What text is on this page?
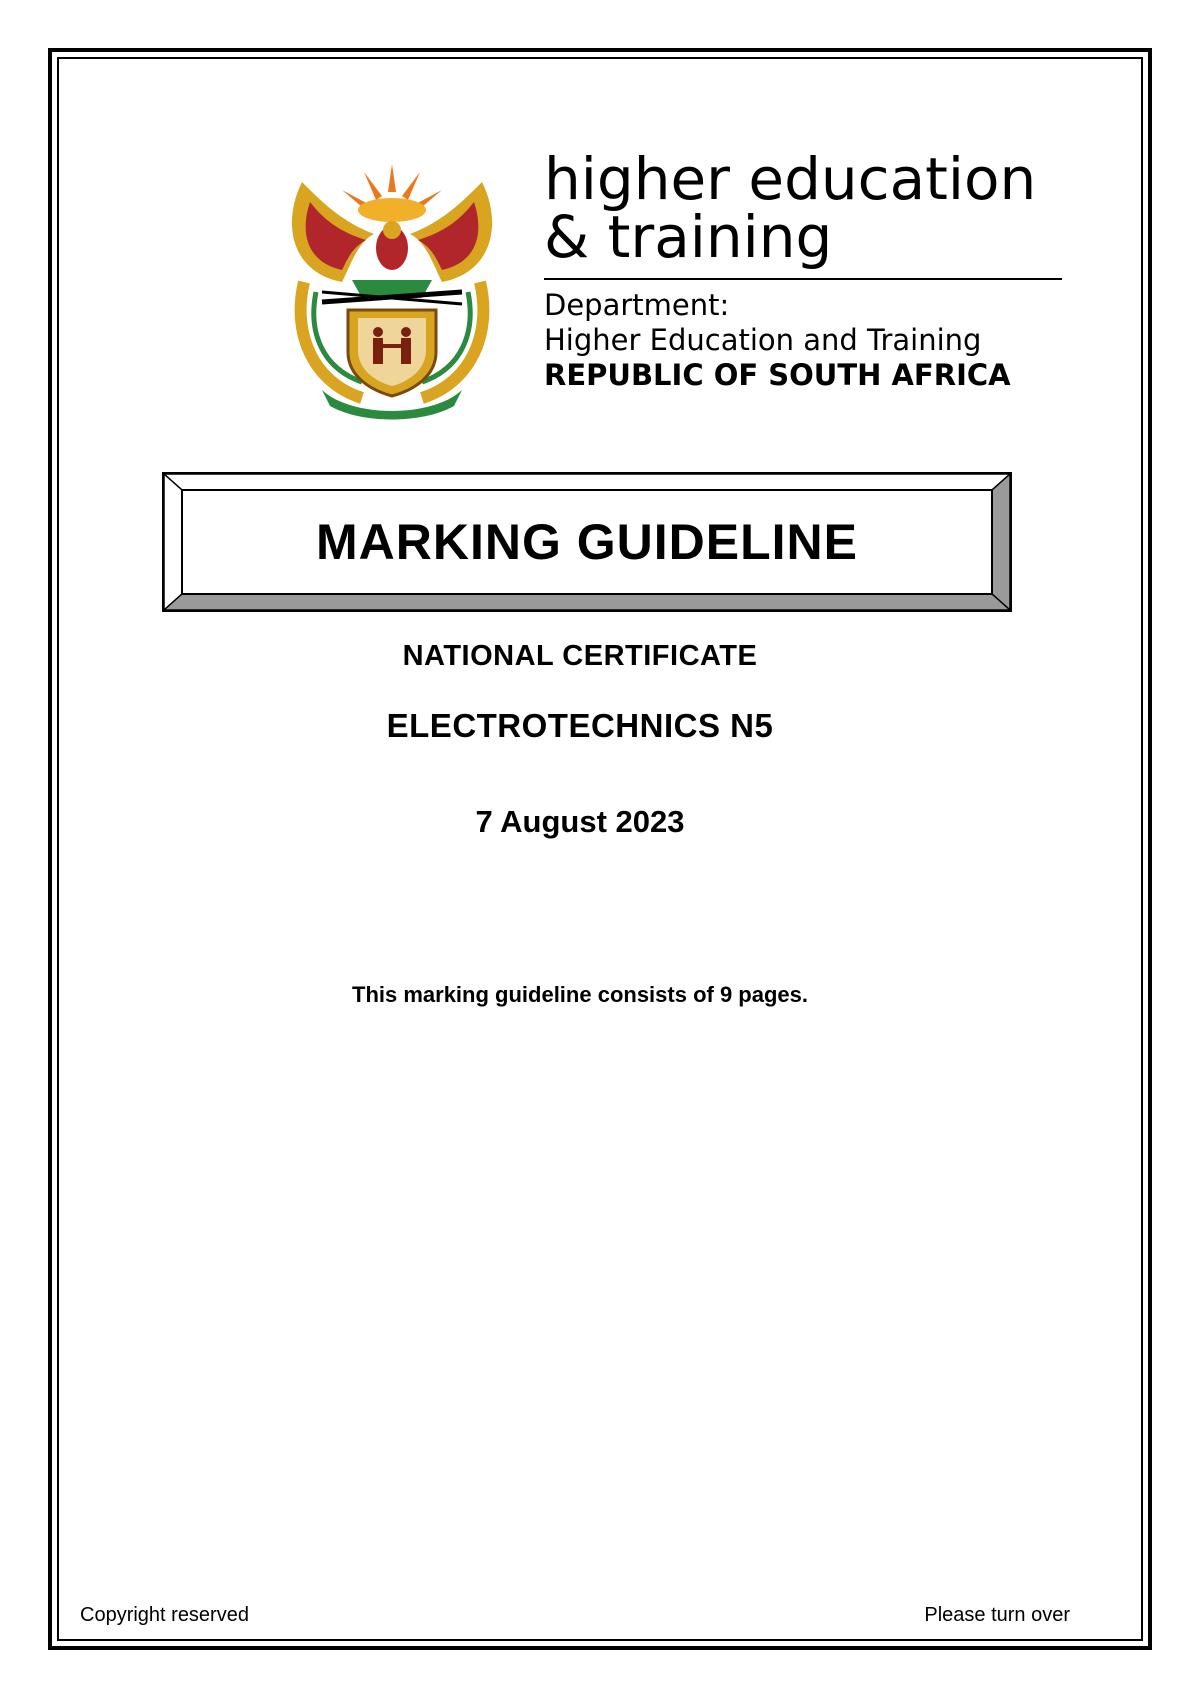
higher education
& training
Department:
Higher Education and Training
REPUBLIC OF SOUTH AFRICA
MARKING GUIDELINE
NATIONAL CERTIFICATE
ELECTROTECHNICS N5
7 August 2023
This marking guideline consists of 9 pages.
Copyright reserved	Please turn over
